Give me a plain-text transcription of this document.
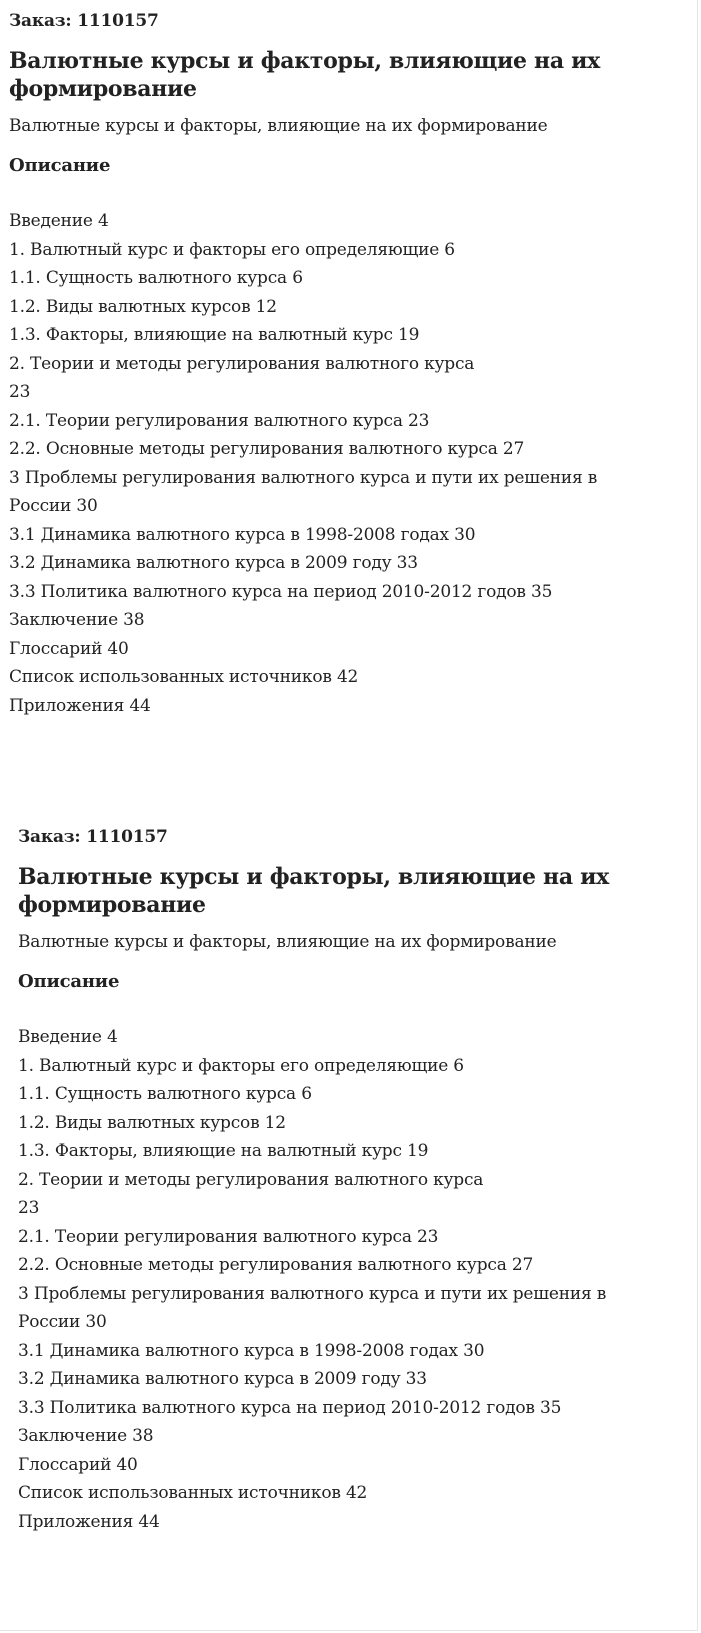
Заказ: 1110157
Валютные курсы и факторы, влияющие на их формирование
Валютные курсы и факторы, влияющие на их формирование
Описание
Введение 4
1. Валютный курс и факторы его определяющие 6
1.1. Сущность валютного курса 6
1.2. Виды валютных курсов 12
1.3. Факторы, влияющие на валютный курс 19
2. Теории и методы регулирования валютного курса
23
2.1. Теории регулирования валютного курса 23
2.2. Основные методы регулирования валютного курса 27
3 Проблемы регулирования валютного курса и пути их решения в
России 30
3.1 Динамика валютного курса в 1998-2008 годах 30
3.2 Динамика валютного курса в 2009 году 33
3.3 Политика валютного курса на период 2010-2012 годов 35
Заключение 38
Глоссарий 40
Список использованных источников 42
Приложения 44
Заказ: 1110157
Валютные курсы и факторы, влияющие на их формирование
Валютные курсы и факторы, влияющие на их формирование
Описание
Введение 4
1. Валютный курс и факторы его определяющие 6
1.1. Сущность валютного курса 6
1.2. Виды валютных курсов 12
1.3. Факторы, влияющие на валютный курс 19
2. Теории и методы регулирования валютного курса
23
2.1. Теории регулирования валютного курса 23
2.2. Основные методы регулирования валютного курса 27
3 Проблемы регулирования валютного курса и пути их решения в
России 30
3.1 Динамика валютного курса в 1998-2008 годах 30
3.2 Динамика валютного курса в 2009 году 33
3.3 Политика валютного курса на период 2010-2012 годов 35
Заключение 38
Глоссарий 40
Список использованных источников 42
Приложения 44
